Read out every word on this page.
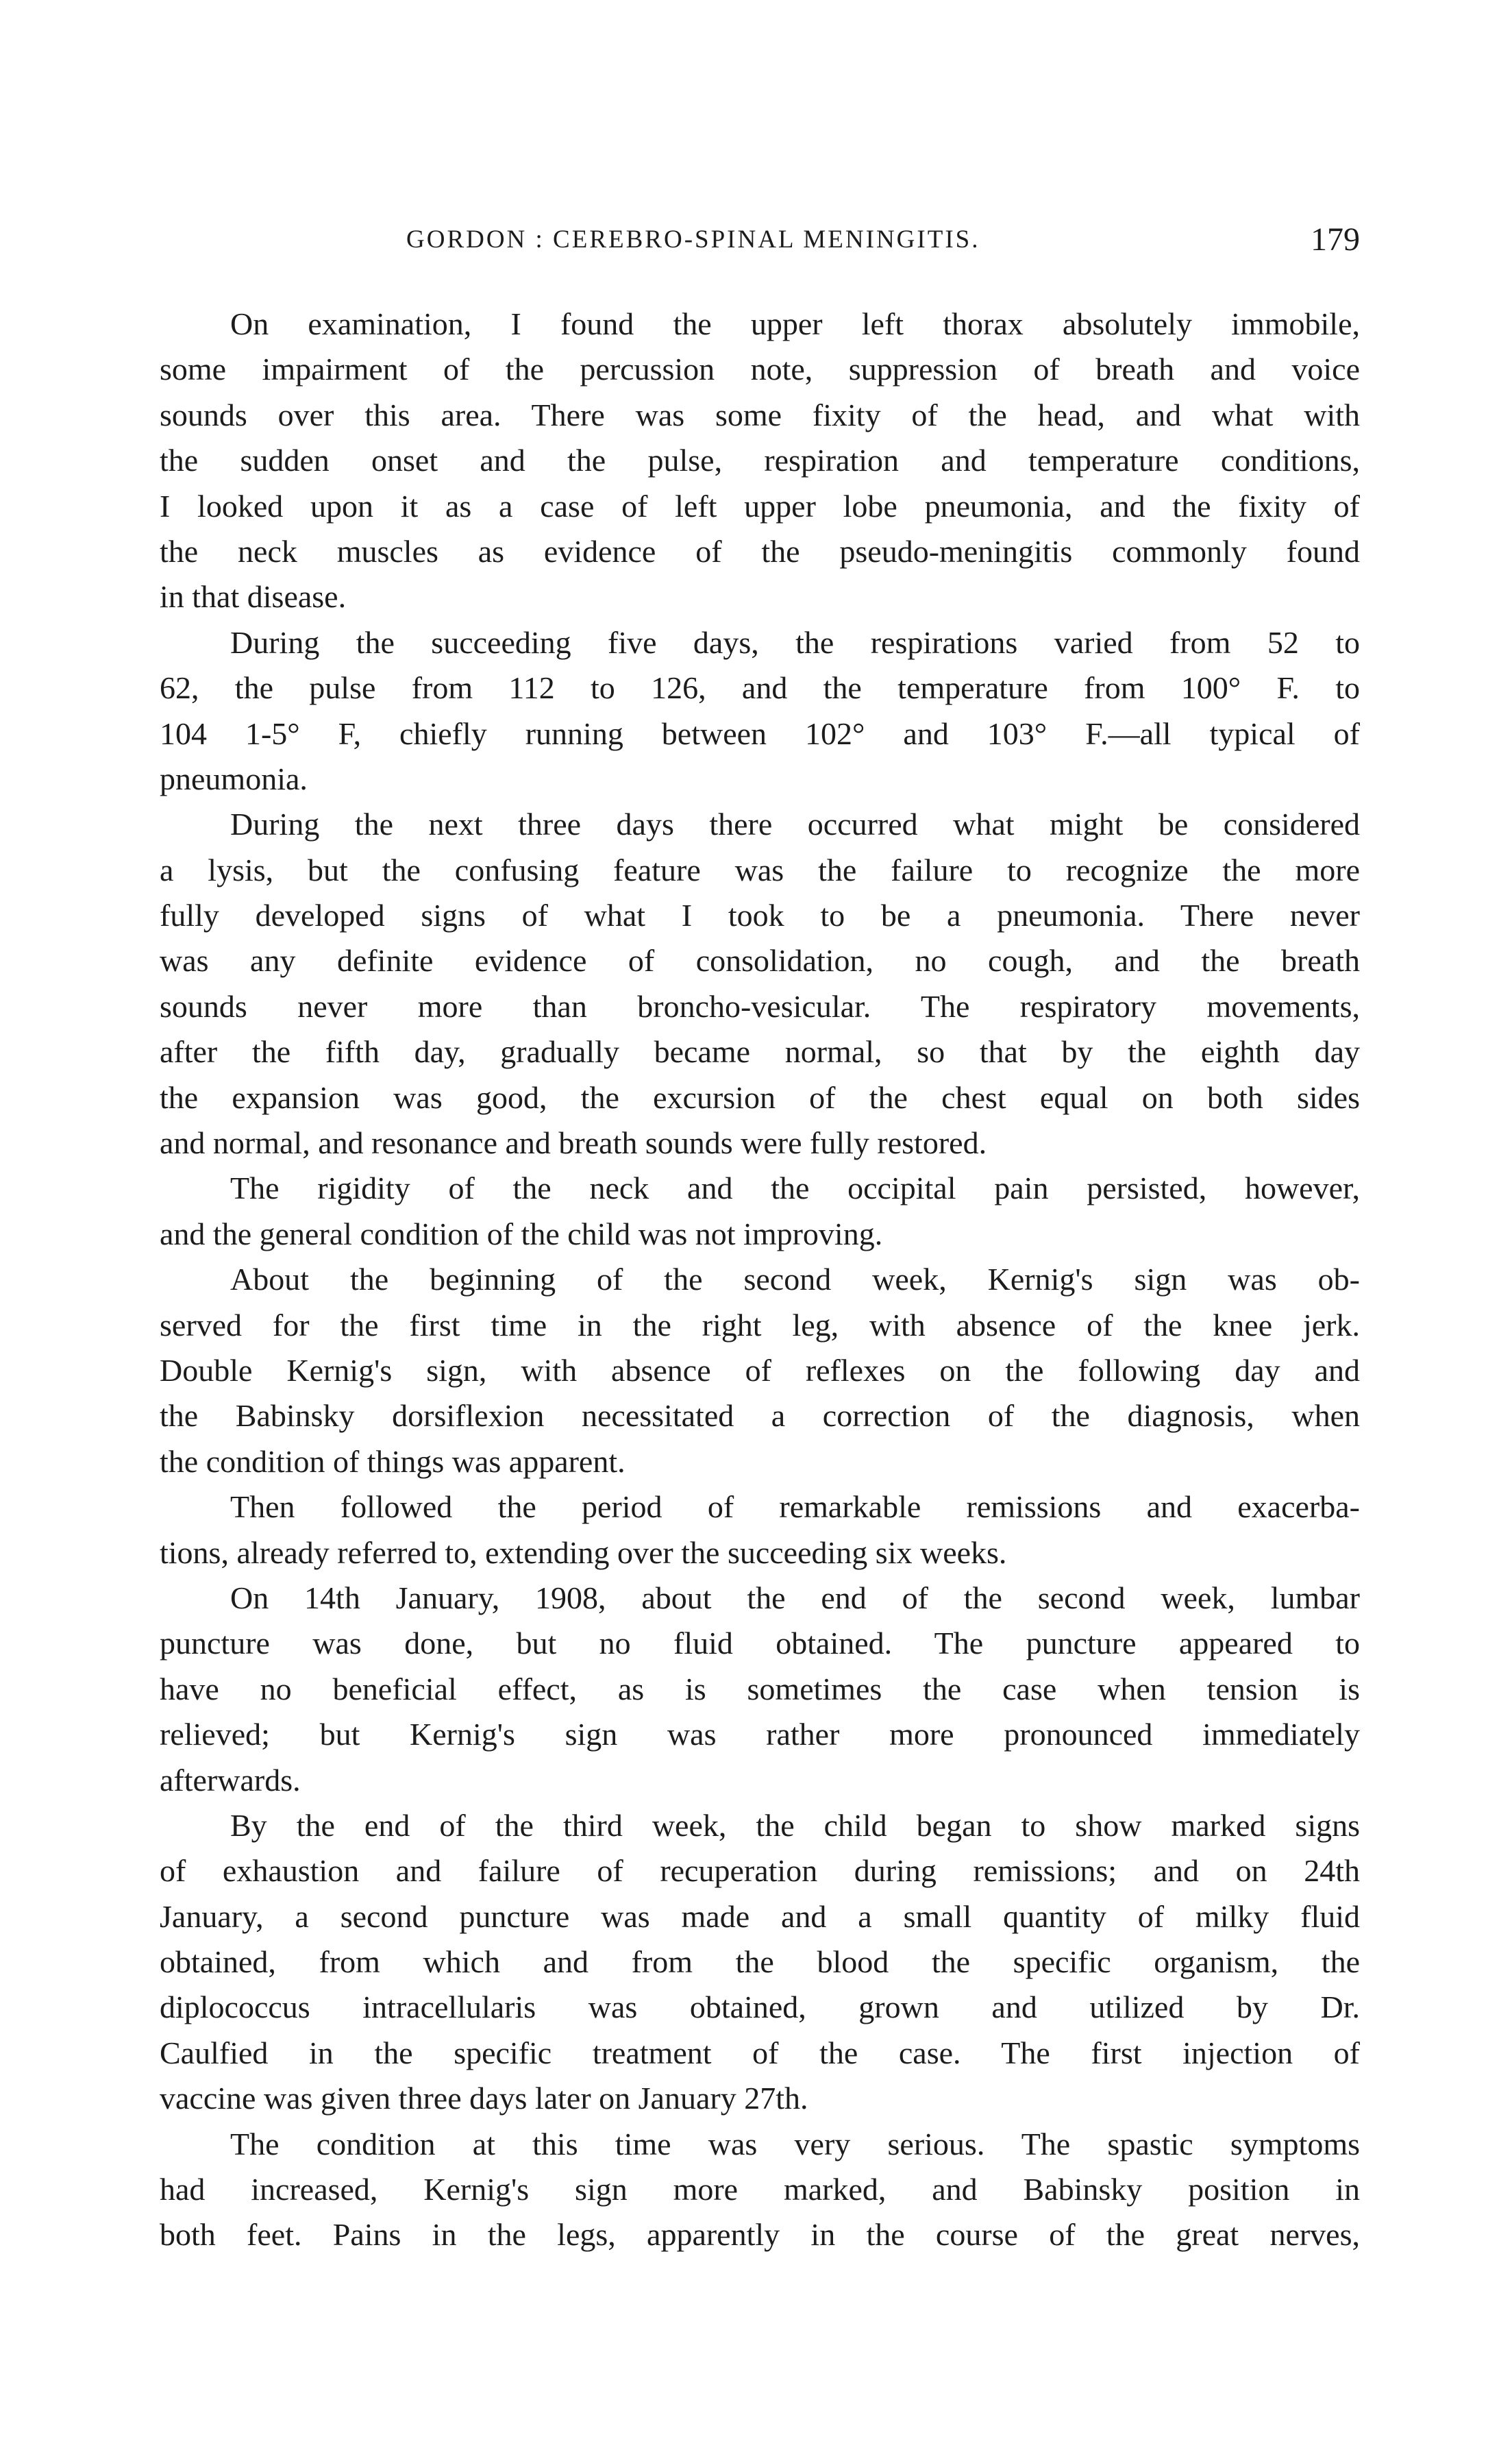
GORDON : CEREBRO-SPINAL MENINGITIS.	179
On examination, I found the upper left thorax absolutely immobile,
some impairment of the percussion note, suppression of breath and voice
sounds over this area. There was some fixity of the head, and what with
the sudden onset and the pulse, respiration and temperature conditions,
I looked upon it as a case of left upper lobe pneumonia, and the fixity of
the neck muscles as evidence of the pseudo-meningitis commonly found
in that disease.
During the succeeding five days, the respirations varied from 52 to
62, the pulse from 112 to 126, and the temperature from 100° F. to
104 1-5° F, chiefly running between 102° and 103° F.—all typical of
pneumonia.
During the next three days there occurred what might be considered
a lysis, but the confusing feature was the failure to recognize the more
fully developed signs of what I took to be a pneumonia. There never
was any definite evidence of consolidation, no cough, and the breath
sounds never more than broncho-vesicular. The respiratory movements,
after the fifth day, gradually became normal, so that by the eighth day
the expansion was good, the excursion of the chest equal on both sides
and normal, and resonance and breath sounds were fully restored.
The rigidity of the neck and the occipital pain persisted, however,
and the general condition of the child was not improving.
About the beginning of the second week, Kernig's sign was ob-
served for the first time in the right leg, with absence of the knee jerk.
Double Kernig's sign, with absence of reflexes on the following day and
the Babinsky dorsiflexion necessitated a correction of the diagnosis, when
the condition of things was apparent.
Then followed the period of remarkable remissions and exacerba-
tions, already referred to, extending over the succeeding six weeks.
On 14th January, 1908, about the end of the second week, lumbar
puncture was done, but no fluid obtained. The puncture appeared to
have no beneficial effect, as is sometimes the case when tension is
relieved; but Kernig's sign was rather more pronounced immediately
afterwards.
By the end of the third week, the child began to show marked signs
of exhaustion and failure of recuperation during remissions; and on 24th
January, a second puncture was made and a small quantity of milky fluid
obtained, from which and from the blood the specific organism, the
diplococcus intracellularis was obtained, grown and utilized by Dr.
Caulfied in the specific treatment of the case. The first injection of
vaccine was given three days later on January 27th.
The condition at this time was very serious. The spastic symptoms
had increased, Kernig's sign more marked, and Babinsky position in
both feet. Pains in the legs, apparently in the course of the great nerves,
